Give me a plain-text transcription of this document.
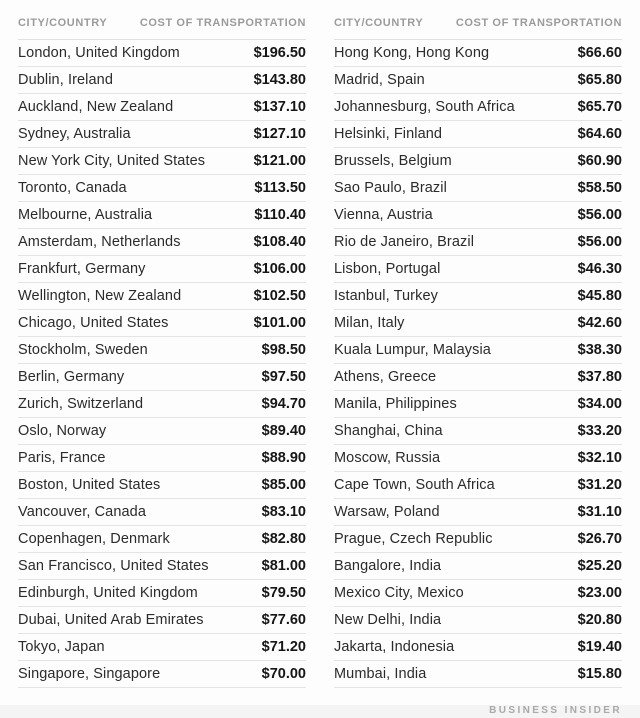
CITY/COUNTRY	COST OF TRANSPORTATION
London, United Kingdom	$196.50
Dublin, Ireland	$143.80
Auckland, New Zealand	$137.10
Sydney, Australia	$127.10
New York City, United States	$121.00
Toronto, Canada	$113.50
Melbourne, Australia	$110.40
Amsterdam, Netherlands	$108.40
Frankfurt, Germany	$106.00
Wellington, New Zealand	$102.50
Chicago, United States	$101.00
Stockholm, Sweden	$98.50
Berlin, Germany	$97.50
Zurich, Switzerland	$94.70
Oslo, Norway	$89.40
Paris, France	$88.90
Boston, United States	$85.00
Vancouver, Canada	$83.10
Copenhagen, Denmark	$82.80
San Francisco, United States	$81.00
Edinburgh, United Kingdom	$79.50
Dubai, United Arab Emirates	$77.60
Tokyo, Japan	$71.20
Singapore, Singapore	$70.00
CITY/COUNTRY	COST OF TRANSPORTATION
Hong Kong, Hong Kong	$66.60
Madrid, Spain	$65.80
Johannesburg, South Africa	$65.70
Helsinki, Finland	$64.60
Brussels, Belgium	$60.90
Sao Paulo, Brazil	$58.50
Vienna, Austria	$56.00
Rio de Janeiro, Brazil	$56.00
Lisbon, Portugal	$46.30
Istanbul, Turkey	$45.80
Milan, Italy	$42.60
Kuala Lumpur, Malaysia	$38.30
Athens, Greece	$37.80
Manila, Philippines	$34.00
Shanghai, China	$33.20
Moscow, Russia	$32.10
Cape Town, South Africa	$31.20
Warsaw, Poland	$31.10
Prague, Czech Republic	$26.70
Bangalore, India	$25.20
Mexico City, Mexico	$23.00
New Delhi, India	$20.80
Jakarta, Indonesia	$19.40
Mumbai, India	$15.80
BUSINESS INSIDER
